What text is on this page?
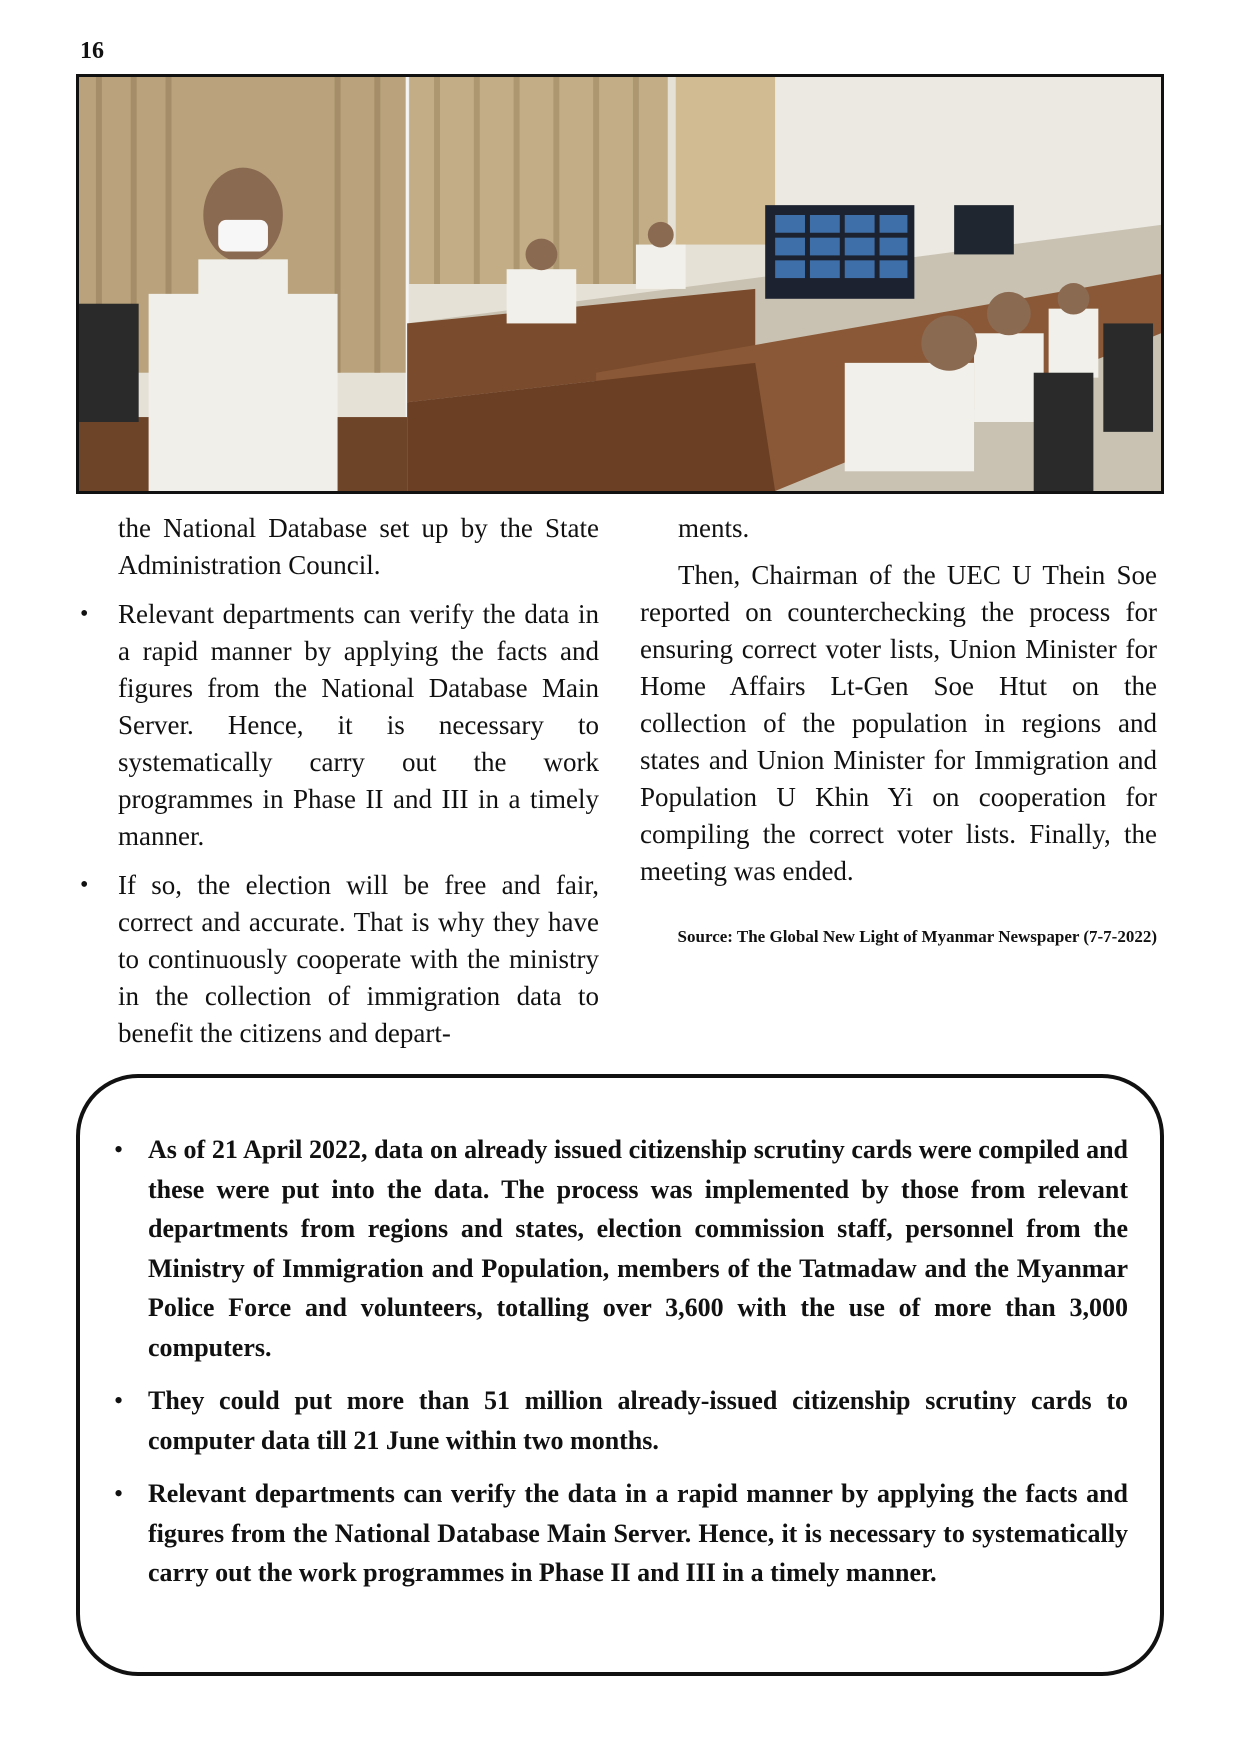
16

the National Database set up by the State Administration Council.

• Relevant departments can verify the data in a rapid manner by applying the facts and figures from the National Database Main Server. Hence, it is necessary to systematically carry out the work programmes in Phase II and III in a timely manner.
• If so, the election will be free and fair, correct and accurate. That is why they have to continuously cooperate with the ministry in the collection of immigration data to benefit the citizens and depart-

ments.

Then, Chairman of the UEC U Thein Soe reported on counterchecking the process for ensuring correct voter lists, Union Minister for Home Affairs Lt-Gen Soe Htut on the collection of the population in regions and states and Union Minister for Immigration and Population U Khin Yi on cooperation for compiling the correct voter lists. Finally, the meeting was ended.

Source: The Global New Light of Myanmar Newspaper (7-7-2022)
• As of 21 April 2022, data on already issued citizenship scrutiny cards were compiled and these were put into the data. The process was implemented by those from relevant departments from regions and states, election commission staff, personnel from the Ministry of Immigration and Population, members of the Tatmadaw and the Myanmar Police Force and volunteers, totalling over 3,600 with the use of more than 3,000 computers.
• They could put more than 51 million already-issued citizenship scrutiny cards to computer data till 21 June within two months.
• Relevant departments can verify the data in a rapid manner by applying the facts and figures from the National Database Main Server. Hence, it is necessary to systematically carry out the work programmes in Phase II and III in a timely manner.
